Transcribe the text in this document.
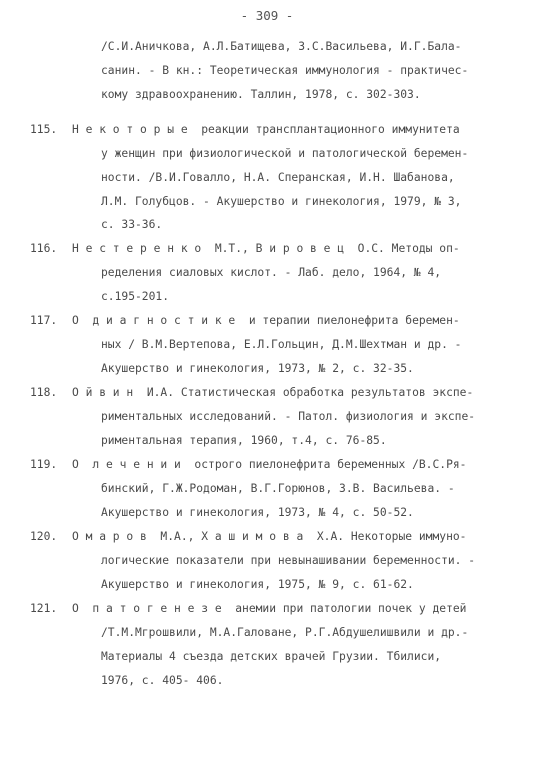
- 309 -
/С.И.Аничкова, А.Л.Батищева, З.С.Васильева, И.Г.Бала-
санин. - В кн.: Теоретическая иммунология - практичес-
кому здравоохранению. Таллин, 1978, с. 302-303.
115. Н е к о т о р ы е  реакции трансплантационного иммунитета
у женщин при физиологической и патологической беремен-
ности. /В.И.Говалло, Н.А. Сперанская, И.Н. Шабанова,
Л.М. Голубцов. - Акушерство и гинекология, 1979, № 3,
с. 33-36.
116. Н е с т е р е н к о  М.Т., В и р о в е ц  О.С. Методы оп-
ределения сиаловых кислот. - Лаб. дело, 1964, № 4,
с.195-201.
117. О  д и а г н о с т и к е  и терапии пиелонефрита беремен-
ных / В.М.Вертепова, Е.Л.Гольцин, Д.М.Шехтман и др. -
Акушерство и гинекология, 1973, № 2, с. 32-35.
118. О й в и н  И.А. Статистическая обработка результатов экспе-
риментальных исследований. - Патол. физиология и экспе-
риментальная терапия, 1960, т.4, с. 76-85.
119. О  л е ч е н и и  острого пиелонефрита беременных /В.С.Ря-
бинский, Г.Ж.Родоман, В.Г.Горюнов, З.В. Васильева. -
Акушерство и гинекология, 1973, № 4, с. 50-52.
120. О м а р о в  М.А., Х а ш и м о в а  Х.А. Некоторые иммуно-
логические показатели при невынашивании беременности. -
Акушерство и гинекология, 1975, № 9, с. 61-62.
121. О  п а т о г е н е з е  анемии при патологии почек у детей
/Т.М.Мгрошвили, М.А.Галоване, Р.Г.Абдушелишвили и др.-
Материалы 4 съезда детских врачей Грузии. Тбилиси,
1976, с. 405- 406.
